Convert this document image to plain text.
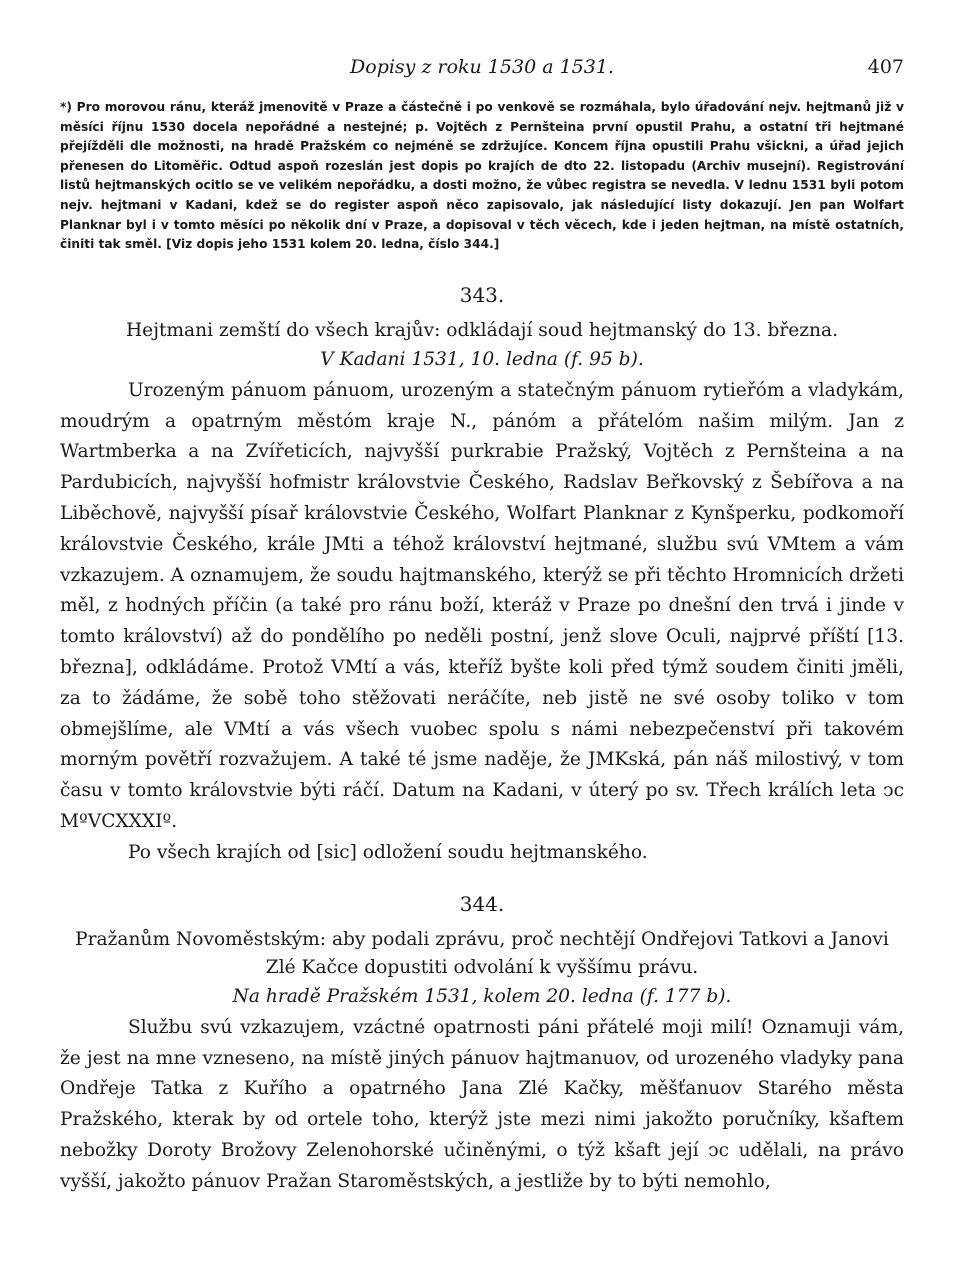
Dopisy z roku 1530 a 1531.	407

*) Pro morovou ránu, kteráž jmenovitě v Praze a částečně i po venkově se rozmáhala, bylo úřadování nejv. hejtmanů již v měsíci říjnu 1530 docela nepořádné a nestejné; p. Vojtěch z Pernšteina první opustil Prahu, a ostatní tři hejtmané přejížděli dle možnosti, na hradě Pražském co nejméně se zdržujíce. Koncem října opustili Prahu všickni, a úřad jejich přenesen do Litoměřic. Odtud aspoň rozeslán jest dopis po krajích de dto 22. listopadu (Archiv musejní). Registrování listů hejtmanských ocitlo se ve velikém nepořádku, a dosti možno, že vůbec registra se nevedla. V lednu 1531 byli potom nejv. hejtmani v Kadani, kdež se do register aspoň něco zapisovalo, jak následující listy dokazují. Jen pan Wolfart Planknar byl i v tomto měsíci po několik dní v Praze, a dopisoval v těch věcech, kde i jeden hejtman, na místě ostatních, činiti tak směl. [Viz dopis jeho 1531 kolem 20. ledna, číslo 344.]

343.

Hejtmani zemští do všech krajův: odkládají soud hejtmanský do 13. března.

V Kadani 1531, 10. ledna (f. 95 b).

Urozeným pánuom pánuom, urozeným a statečným pánuom rytieřóm a vladykám, moudrým a opatrným městóm kraje N., pánóm a přátelóm našim milým. Jan z Wartmberka a na Zvířeticích, najvyšší purkrabie Pražský, Vojtěch z Pernšteina a na Pardubicích, najvyšší hofmistr královstvie Českého, Radslav Beřkovský z Šebířova a na Liběchově, najvyšší písař královstvie Českého, Wolfart Planknar z Kynšperku, podkomoří královstvie Českého, krále JMti a téhož království hejtmané, službu svú VMtem a vám vzkazujem. A oznamujem, že soudu hajtmanského, kterýž se při těchto Hromnicích držeti měl, z hodných příčin (a také pro ránu boží, kteráž v Praze po dnešní den trvá i jinde v tomto království) až do pondělího po neděli postní, jenž slove Oculi, najprvé příští [13. března], odkládáme. Protož VMtí a vás, kteříž byšte koli před týmž soudem činiti jměli, za to žádáme, že sobě toho stěžovati neráčíte, neb jistě ne své osoby toliko v tom obmejšlíme, ale VMtí a vás všech vuobec spolu s námi nebezpečenství při takovém morným povětří rozvažujem. A také té jsme naděje, že JMKská, pán náš milostivý, v tom času v tomto královstvie býti ráčí. Datum na Kadani, v úterý po sv. Třech králích leta ↄc MºVCXXXIº.

Po všech krajích od [sic] odložení soudu hejtmanského.

344.

Pražanům Novoměstským: aby podali zprávu, proč nechtějí Ondřejovi Tatkovi a Janovi Zlé Kačce dopustiti odvolání k vyššímu právu.

Na hradě Pražském 1531, kolem 20. ledna (f. 177 b).

Službu svú vzkazujem, vzáctné opatrnosti páni přátelé moji milí! Oznamuji vám, že jest na mne vzneseno, na místě jiných pánuov hajtmanuov, od urozeného vladyky pana Ondřeje Tatka z Kuřího a opatrného Jana Zlé Kačky, měšťanuov Starého města Pražského, kterak by od ortele toho, kterýž jste mezi nimi jakožto poručníky, kšaftem nebožky Doroty Brožovy Zelenohorské učiněnými, o týž kšaft její ↄc udělali, na právo vyšší, jakožto pánuov Pražan Staroměstských, a jestliže by to býti nemohlo,
